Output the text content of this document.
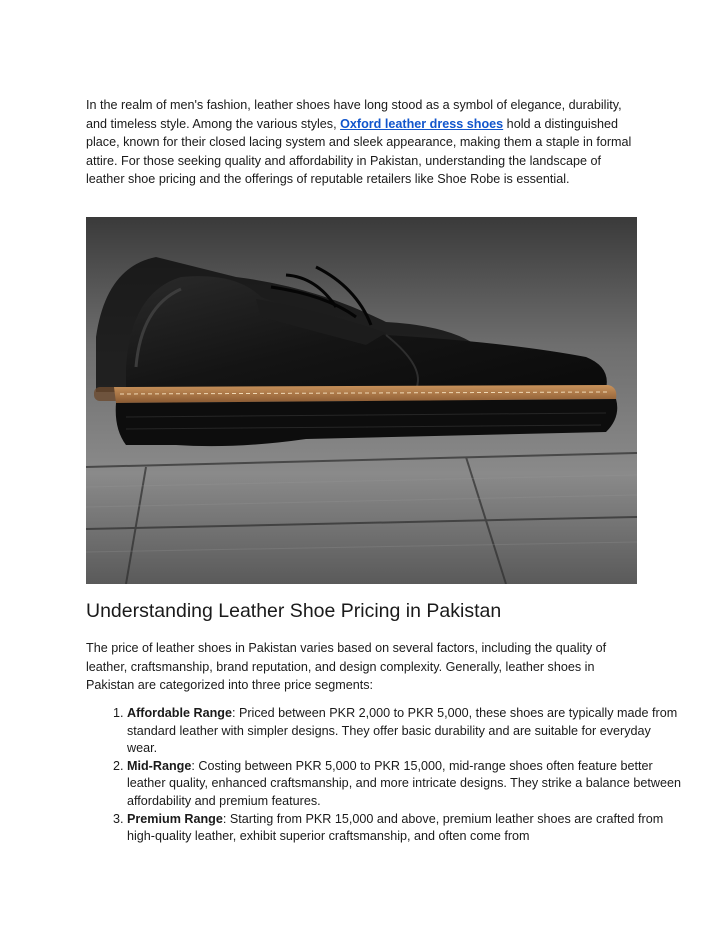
In the realm of men's fashion, leather shoes have long stood as a symbol of elegance, durability, and timeless style. Among the various styles, Oxford leather dress shoes hold a distinguished place, known for their closed lacing system and sleek appearance, making them a staple in formal attire. For those seeking quality and affordability in Pakistan, understanding the landscape of leather shoe pricing and the offerings of reputable retailers like Shoe Robe is essential.

Understanding Leather Shoe Pricing in Pakistan

The price of leather shoes in Pakistan varies based on several factors, including the quality of leather, craftsmanship, brand reputation, and design complexity. Generally, leather shoes in Pakistan are categorized into three price segments:

1. Affordable Range: Priced between PKR 2,000 to PKR 5,000, these shoes are typically made from standard leather with simpler designs. They offer basic durability and are suitable for everyday wear.
2. Mid-Range: Costing between PKR 5,000 to PKR 15,000, mid-range shoes often feature better leather quality, enhanced craftsmanship, and more intricate designs. They strike a balance between affordability and premium features.
3. Premium Range: Starting from PKR 15,000 and above, premium leather shoes are crafted from high-quality leather, exhibit superior craftsmanship, and often come from
